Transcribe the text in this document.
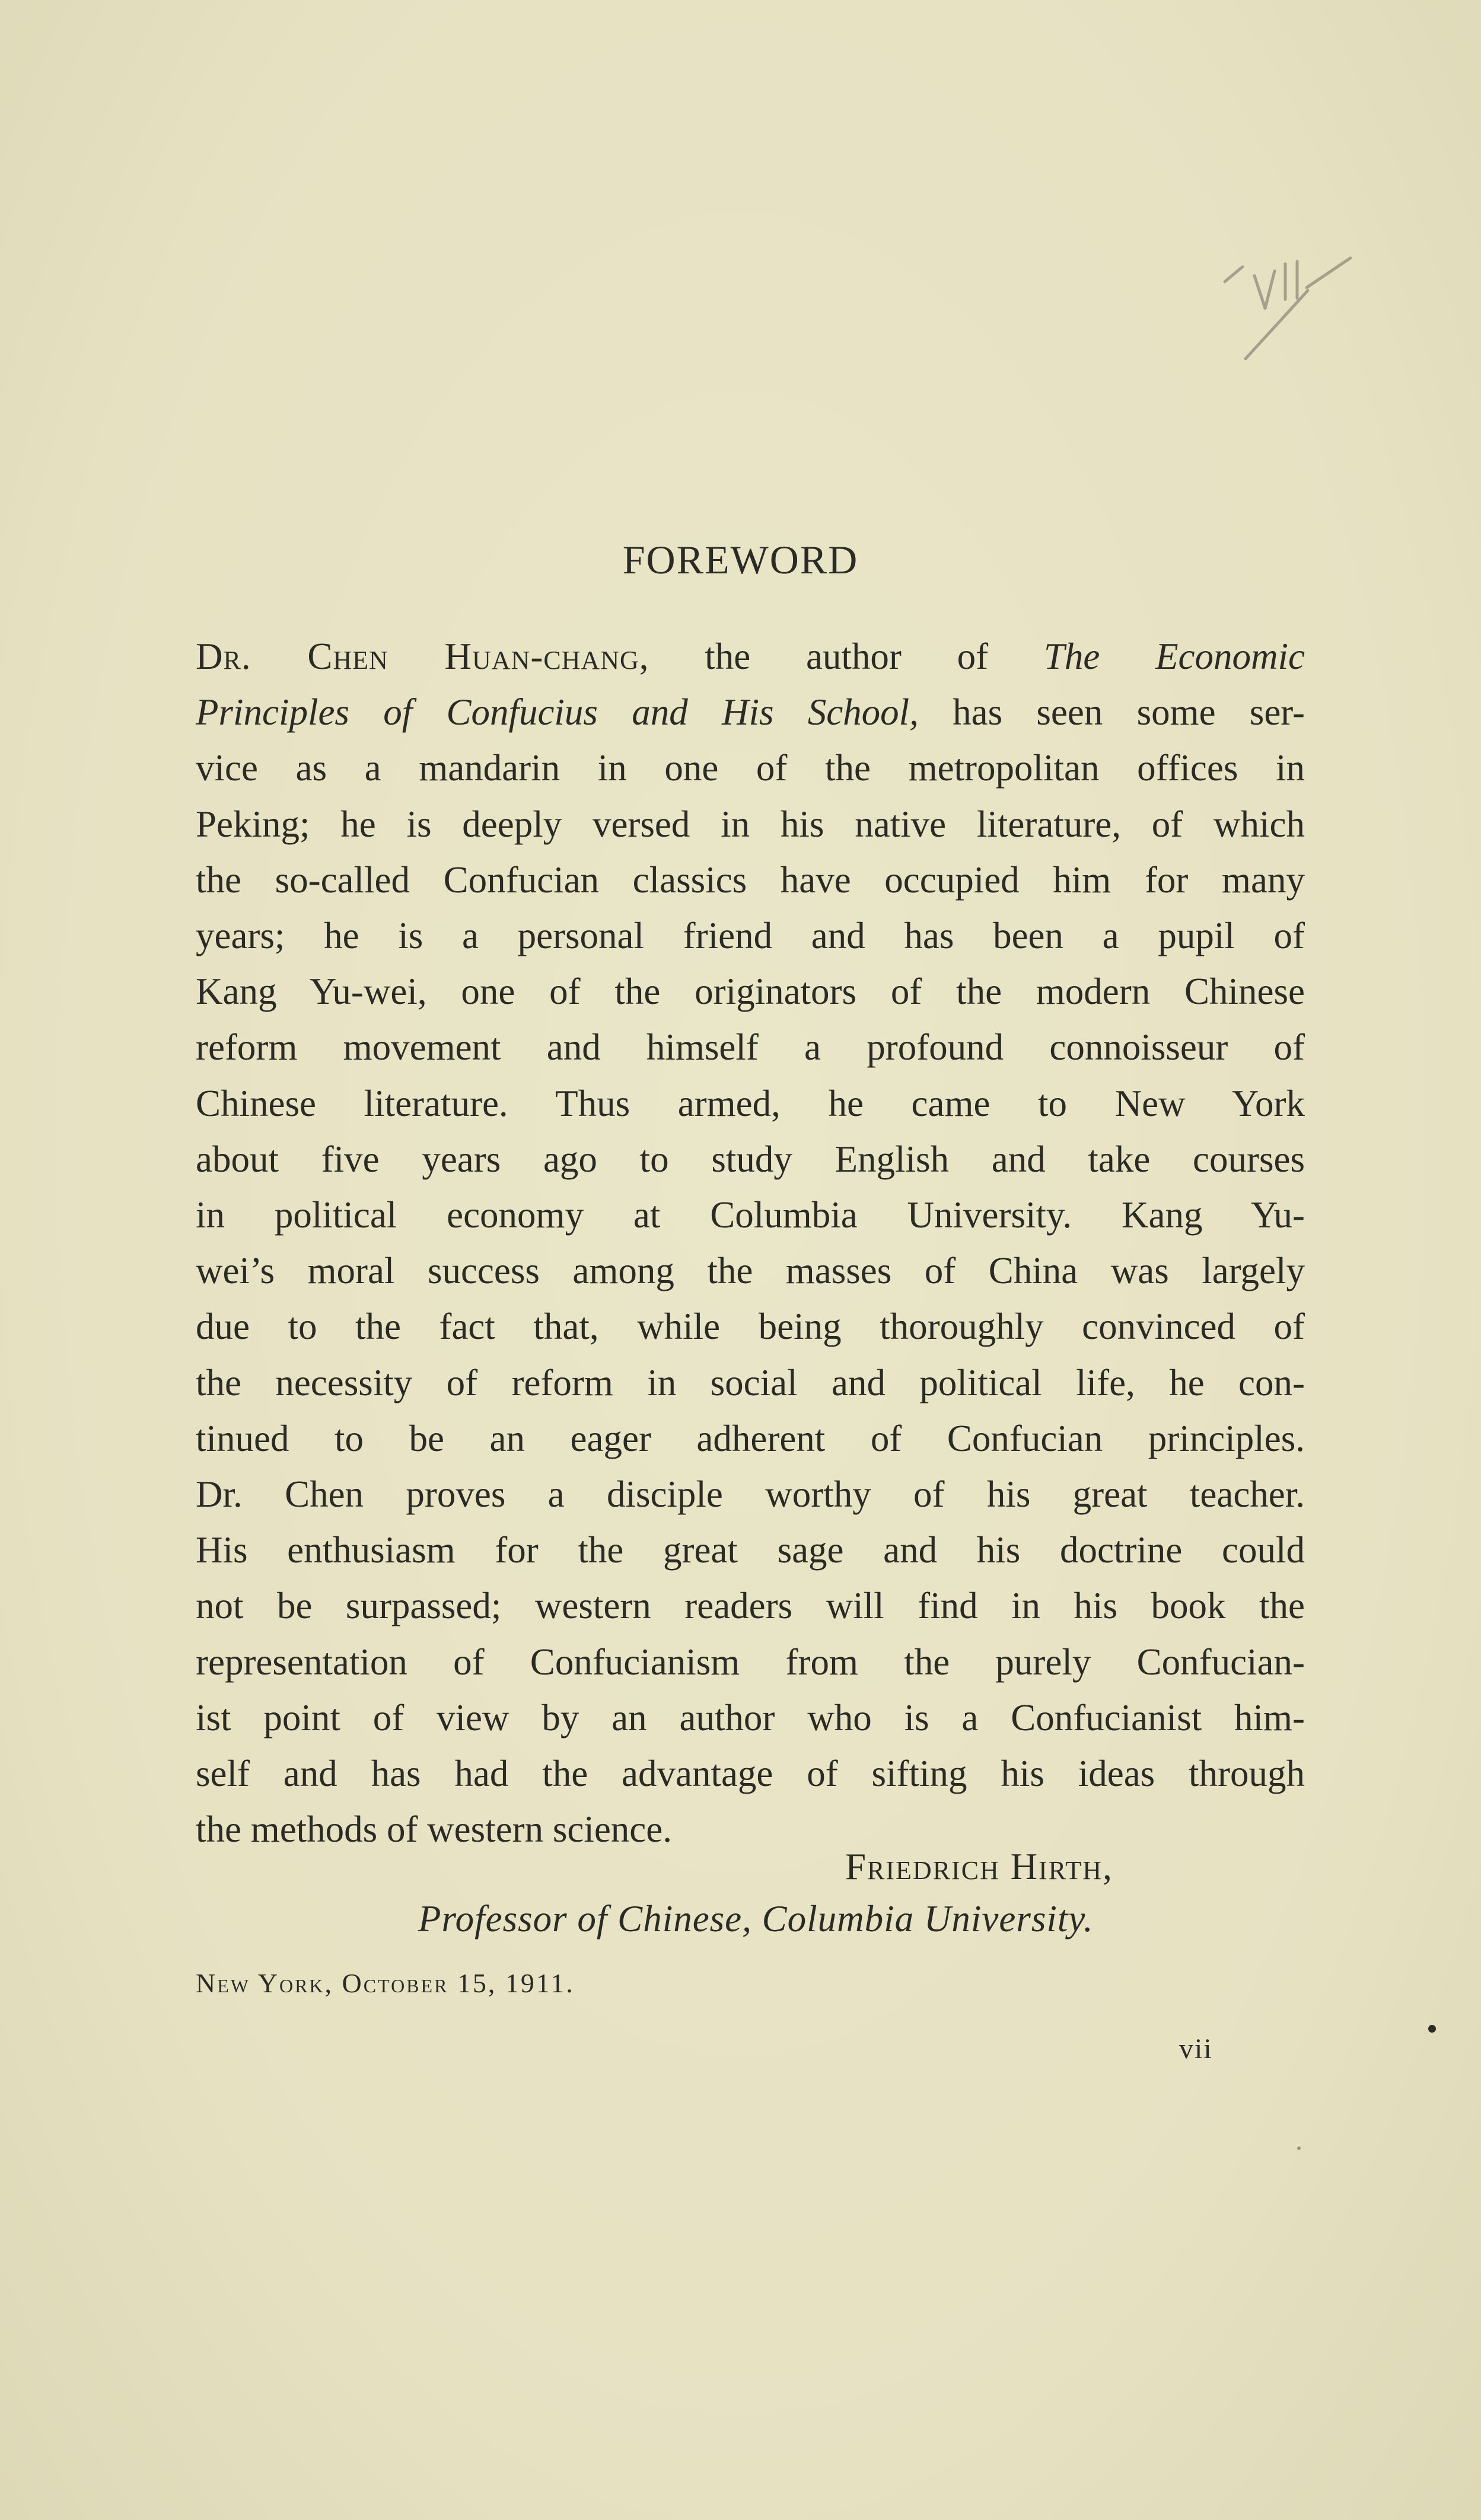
FOREWORD

Dr. Chen Huan-chang, the author of The Economic
Principles of Confucius and His School, has seen some ser-
vice as a mandarin in one of the metropolitan offices in
Peking; he is deeply versed in his native literature, of which
the so-called Confucian classics have occupied him for many
years; he is a personal friend and has been a pupil of
Kang Yu-wei, one of the originators of the modern Chinese
reform movement and himself a profound connoisseur of
Chinese literature. Thus armed, he came to New York
about five years ago to study English and take courses
in political economy at Columbia University. Kang Yu-
wei’s moral success among the masses of China was largely
due to the fact that, while being thoroughly convinced of
the necessity of reform in social and political life, he con-
tinued to be an eager adherent of Confucian principles.
Dr. Chen proves a disciple worthy of his great teacher.
His enthusiasm for the great sage and his doctrine could
not be surpassed; western readers will find in his book the
representation of Confucianism from the purely Confucian-
ist point of view by an author who is a Confucianist him-
self and has had the advantage of sifting his ideas through
the methods of western science.

Friedrich Hirth,

Professor of Chinese, Columbia University.

New York, October 15, 1911.

vii
